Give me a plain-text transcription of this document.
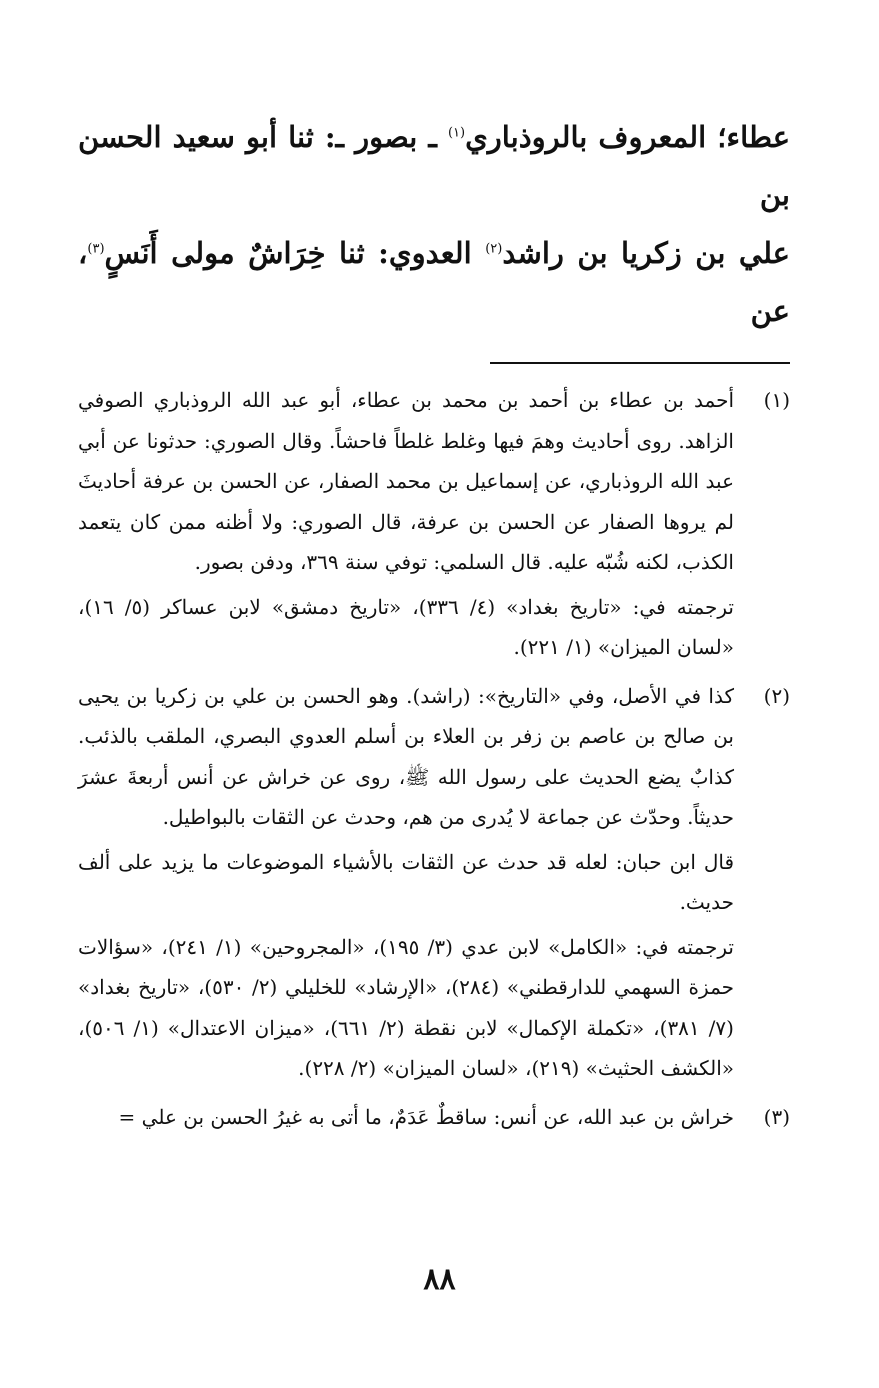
عطاء؛ المعروف بالروذباري$^{(١)}$ ـ بصور ـ: ثنا أبو سعيد الحسن بن

علي بن زكريا بن راشد$^{(٢)}$ العدوي: ثنا خِرَاشٌ مولى أَنَسٍ$^{(٣)}$، عن

(١)

أحمد بن عطاء بن أحمد بن محمد بن عطاء، أبو عبد الله الروذباري الصوفي الزاهد. روى أحاديث وهمَ فيها وغلط غلطاً فاحشاً. وقال الصوري: حدثونا عن أبي عبد الله الروذباري، عن إسماعيل بن محمد الصفار، عن الحسن بن عرفة أحاديثَ لم يروها الصفار عن الحسن بن عرفة، قال الصوري: ولا أظنه ممن كان يتعمد الكذب، لكنه شُبّه عليه. قال السلمي: توفي سنة ٣٦٩، ودفن بصور.

ترجمته في: «تاريخ بغداد» (٤/ ٣٣٦)، «تاريخ دمشق» لابن عساكر (٥/ ١٦)، «لسان الميزان» (١/ ٢٢١).

(٢)

كذا في الأصل، وفي «التاريخ»: (راشد). وهو الحسن بن علي بن زكريا بن يحيى بن صالح بن عاصم بن زفر بن العلاء بن أسلم العدوي البصري، الملقب بالذئب. كذابٌ يضع الحديث على رسول الله ﷺ، روى عن خراش عن أنس أربعةَ عشرَ حديثاً. وحدّث عن جماعة لا يُدرى من هم، وحدث عن الثقات بالبواطيل.

قال ابن حبان: لعله قد حدث عن الثقات بالأشياء الموضوعات ما يزيد على ألف حديث.

ترجمته في: «الكامل» لابن عدي (٣/ ١٩٥)، «المجروحين» (١/ ٢٤١)، «سؤالات حمزة السهمي للدارقطني» (٢٨٤)، «الإرشاد» للخليلي (٢/ ٥٣٠)، «تاريخ بغداد» (٧/ ٣٨١)، «تكملة الإكمال» لابن نقطة (٢/ ٦٦١)، «ميزان الاعتدال» (١/ ٥٠٦)، «الكشف الحثيث» (٢١٩)، «لسان الميزان» (٢/ ٢٢٨).

(٣)

خراش بن عبد الله، عن أنس: ساقطٌ عَدَمٌ، ما أتى به غيرُ الحسن بن علي =

٨٨
